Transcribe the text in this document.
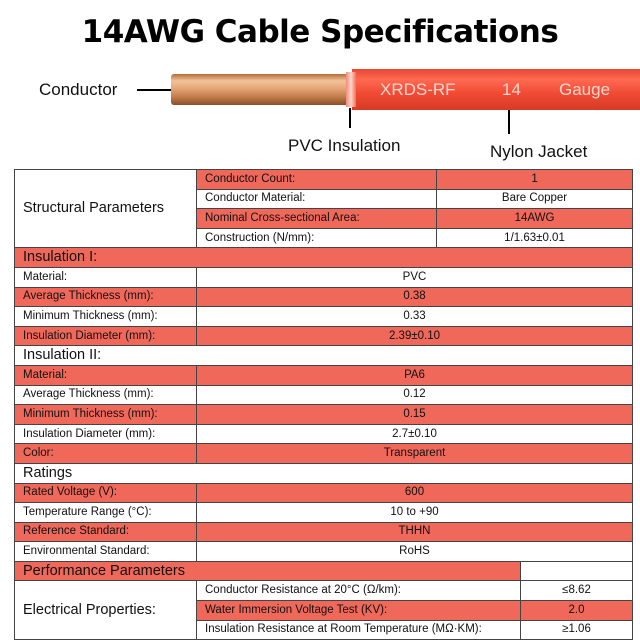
14AWG Cable Specifications
Conductor	XRDS-RF	14 Gauge
PVC Insulation	Nylon Jacket
Structural Parameters	Conductor Count:	1	
	Conductor Material:	Bare Copper	
	Nominal Cross-sectional Area:	14AWG	
	Construction (N/mm):	1/1.63±0.01	
Insulation I:			
Material:	PVC		
Average Thickness (mm):	0.38		
Minimum Thickness (mm):	0.33		
Insulation Diameter (mm):	2.39±0.10		
Insulation II:			
Material:	PA6		
Average Thickness (mm):	0.12		
Minimum Thickness (mm):	0.15		
Insulation Diameter (mm):	2.7±0.10		
Color:	Transparent		
Ratings			
Rated Voltage (V):	600		
Temperature Range (°C):	10 to +90		
Reference Standard:	THHN		
Environmental Standard:	RoHS		
Performance Parameters			
Electrical Properties:	Conductor Resistance at 20°C (Ω/km):		≤8.62
	Water Immersion Voltage Test (KV):		2.0
	Insulation Resistance at Room Temperature (MΩ·KM):		≥1.06
